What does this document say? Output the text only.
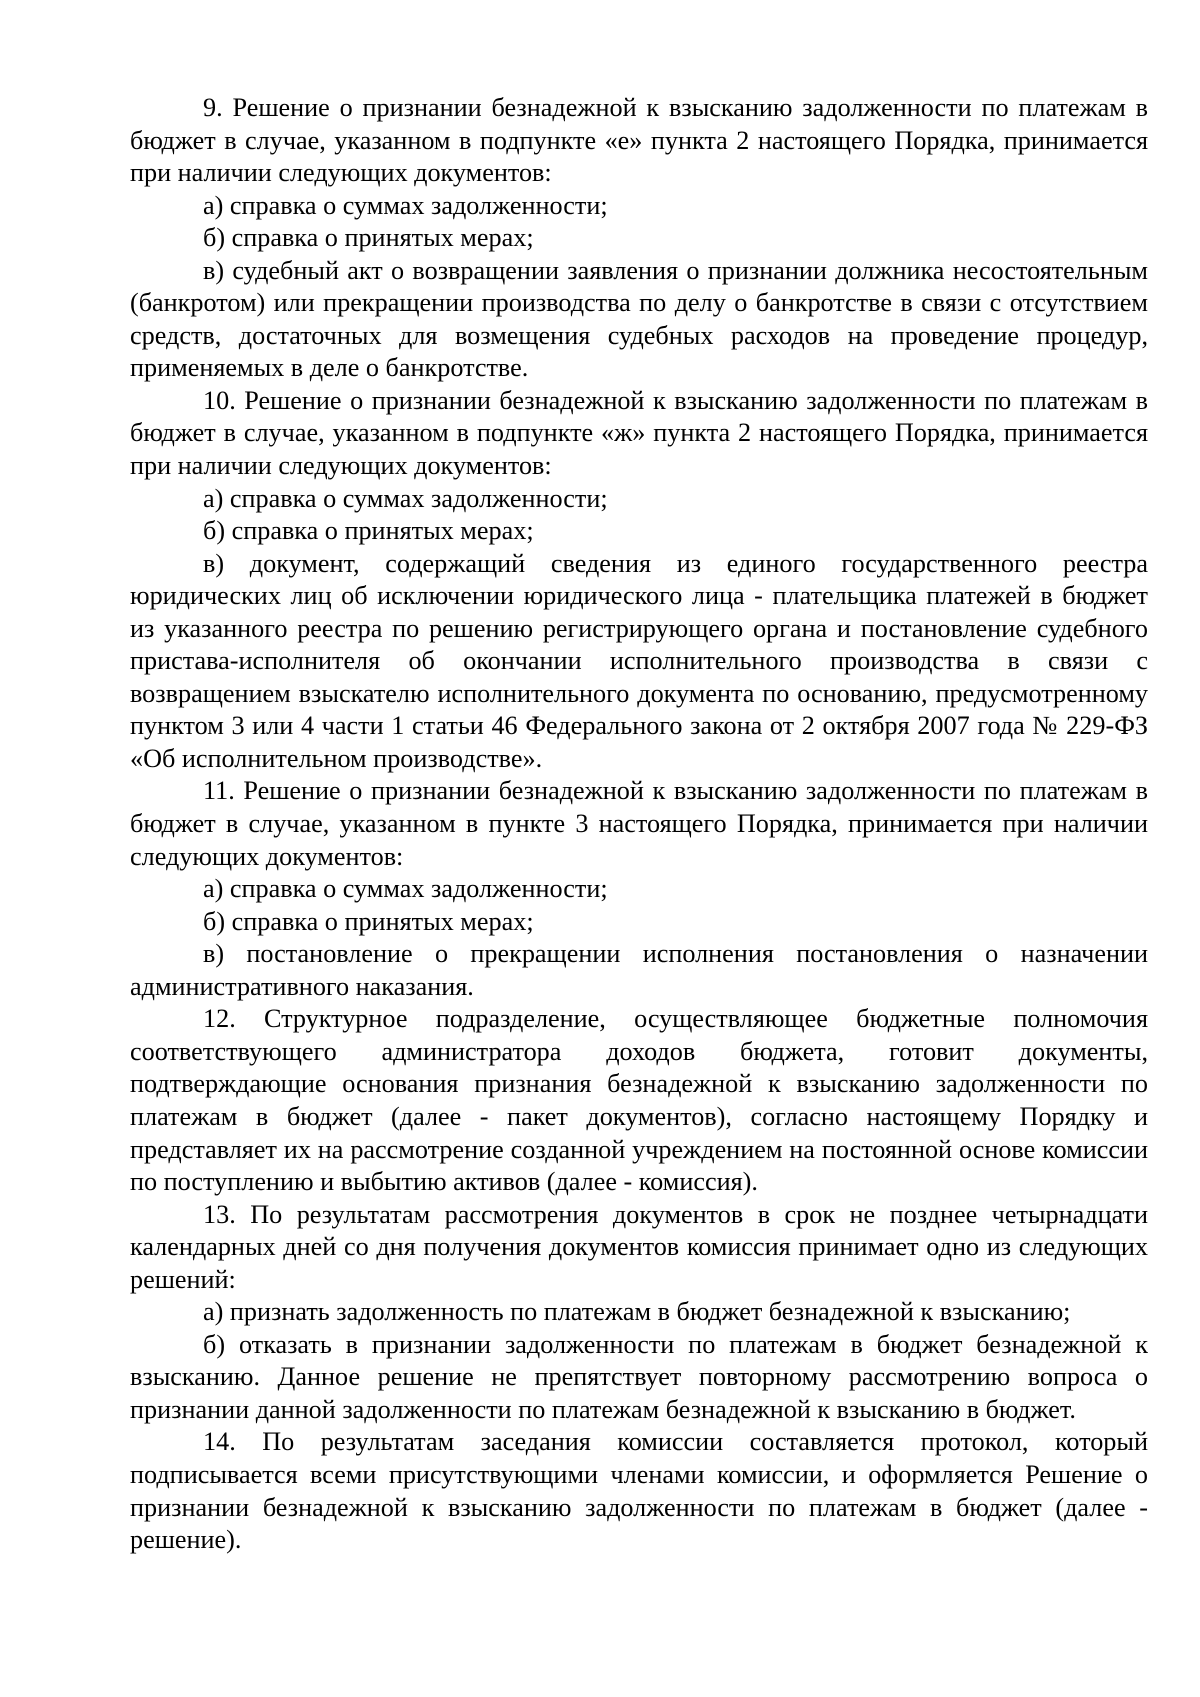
9. Решение о признании безнадежной к взысканию задолженности по платежам в бюджет в случае, указанном в подпункте «е» пункта 2 настоящего Порядка, принимается при наличии следующих документов:

а) справка о суммах задолженности;

б) справка о принятых мерах;

в) судебный акт о возвращении заявления о признании должника несостоятельным (банкротом) или прекращении производства по делу о банкротстве в связи с отсутствием средств, достаточных для возмещения судебных расходов на проведение процедур, применяемых в деле о банкротстве.

10. Решение о признании безнадежной к взысканию задолженности по платежам в бюджет в случае, указанном в подпункте «ж» пункта 2 настоящего Порядка, принимается при наличии следующих документов:

а) справка о суммах задолженности;

б) справка о принятых мерах;

в) документ, содержащий сведения из единого государственного реестра юридических лиц об исключении юридического лица - плательщика платежей в бюджет из указанного реестра по решению регистрирующего органа и постановление судебного пристава-исполнителя об окончании исполнительного производства в связи с возвращением взыскателю исполнительного документа по основанию, предусмотренному пунктом 3 или 4 части 1 статьи 46 Федерального закона от 2 октября 2007 года № 229-ФЗ «Об исполнительном производстве».

11. Решение о признании безнадежной к взысканию задолженности по платежам в бюджет в случае, указанном в пункте 3 настоящего Порядка, принимается при наличии следующих документов:

а) справка о суммах задолженности;

б) справка о принятых мерах;

в) постановление о прекращении исполнения постановления о назначении административного наказания.

12. Структурное подразделение, осуществляющее бюджетные полномочия соответствующего администратора доходов бюджета, готовит документы, подтверждающие основания признания безнадежной к взысканию задолженности по платежам в бюджет (далее - пакет документов), согласно настоящему Порядку и представляет их на рассмотрение созданной учреждением на постоянной основе комиссии по поступлению и выбытию активов (далее - комиссия).

13. По результатам рассмотрения документов в срок не позднее четырнадцати календарных дней со дня получения документов комиссия принимает одно из следующих решений:

а) признать задолженность по платежам в бюджет безнадежной к взысканию;

б) отказать в признании задолженности по платежам в бюджет безнадежной к взысканию. Данное решение не препятствует повторному рассмотрению вопроса о признании данной задолженности по платежам безнадежной к взысканию в бюджет.

14. По результатам заседания комиссии составляется протокол, который подписывается всеми присутствующими членами комиссии, и оформляется Решение о признании безнадежной к взысканию задолженности по платежам в бюджет (далее - решение).
